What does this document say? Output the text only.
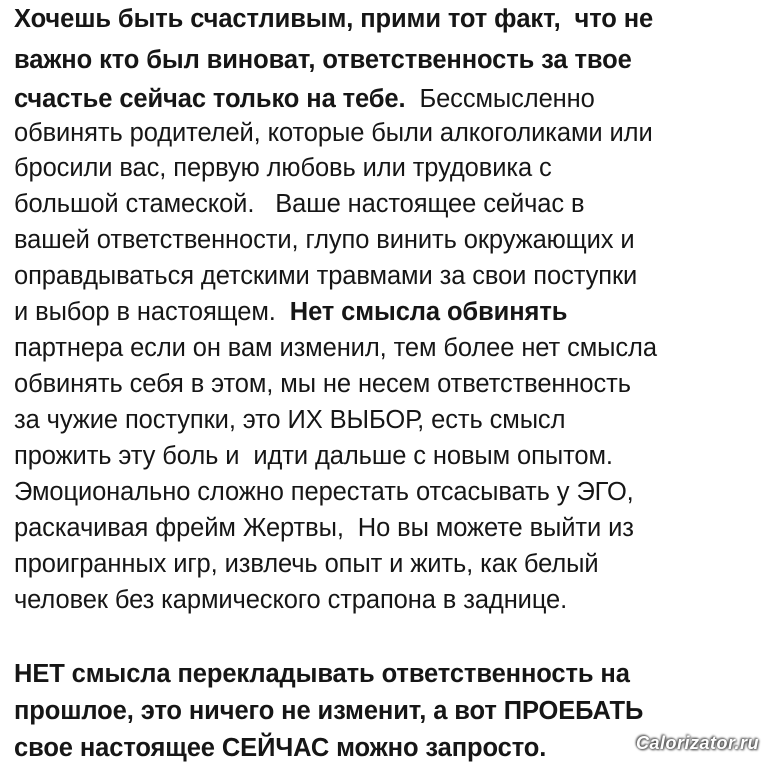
Хочешь быть счастливым, прими тот факт,  что не
важно кто был виноват, ответственность за твое
счастье сейчас только на тебе.  Бессмысленно
обвинять родителей, которые были алкоголиками или
бросили вас, первую любовь или трудовика с
большой стамеской.   Ваше настоящее сейчас в
вашей ответственности, глупо винить окружающих и
оправдываться детскими травмами за свои поступки
и выбор в настоящем.  Нет смысла обвинять
партнера если он вам изменил, тем более нет смысла
обвинять себя в этом, мы не несем ответственность
за чужие поступки, это ИХ ВЫБОР, есть смысл
прожить эту боль и  идти дальше с новым опытом.
Эмоционально сложно перестать отсасывать у ЭГО,
раскачивая фрейм Жертвы,  Но вы можете выйти из
проигранных игр, извлечь опыт и жить, как белый
человек без кармического страпона в заднице.
НЕТ смысла перекладывать ответственность на
прошлое, это ничего не изменит, а вот ПРОЕБАТЬ
свое настоящее СЕЙЧАС можно запросто.	Calorizator.ru
